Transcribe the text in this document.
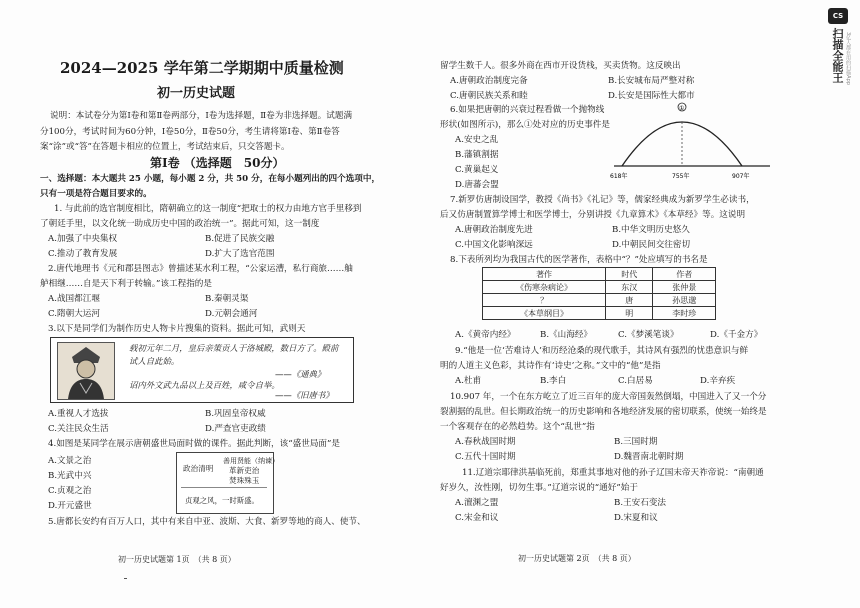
2024—2025 学年第二学期期中质量检测
初一历史试题
说明：本试卷分为第Ⅰ卷和第Ⅱ卷两部分，Ⅰ卷为选择题，Ⅱ卷为非选择题。试题满
分100分，考试时间为60分钟，Ⅰ卷50分，Ⅱ卷50分，考生请将第Ⅰ卷、第Ⅱ卷答
案“涂”或“答”在答题卡相应的位置上，考试结束后，只交答题卡。
第Ⅰ卷 （选择题　50分）
一、选择题：本大题共 25 小题，每小题 2 分，共 50 分，在每小题列出的四个选项中，
只有一项是符合题目要求的。
1. 与此前的选官制度相比，隋朝确立的这一制度“把取士的权力由地方官手里移到
了朝廷手里，以文化统一助成历史中国的政治统一”。据此可知，这一制度
A.加强了中央集权	B.促进了民族交融
C.推动了教育发展	D.扩大了选官范围
2.唐代地理书《元和郡县图志》曾描述某水利工程，“公家运漕，私行商旅……舳
舻相继……自是天下利于转输。”该工程指的是
A.战国都江堰	B.秦朝灵渠
C.隋朝大运河	D.元朝会通河
3.以下是同学们为制作历史人物卡片搜集的资料。据此可知，武则天
载初元年二月，皇后亲策贡人于洛城殿，数日方了。殿前试人自此始。
——《通典》
诏内外文武九品以上及百姓，咸令自举。
——《旧唐书》
A.重视人才选拔	B.巩固皇帝权威
C.关注民众生活	D.严查官吏政绩
4.如图是某同学在展示唐朝盛世局面时做的课件。据此判断，该“盛世局面”是
政治清明
善用贤能（纳谏）
革新吏治
焚珠殊玉
贞观之风，一时斯盛。
A.文景之治
B.光武中兴
C.贞观之治
D.开元盛世
5.唐都长安约有百万人口，其中有来自中亚、波斯、大食、新罗等地的商人、使节、
初一历史试题第 1页　（共 8 页）
留学生数千人。很多外商在西市开设货栈，买卖货物。这反映出
A.唐朝政治制度完备	B.长安城布局严整对称
C.唐朝民族关系和睦	D.长安是国际性大都市
6.如果把唐朝的兴衰过程看做一个抛物线
形状(如图所示)，那么①处对应的历史事件是
A.安史之乱
B.藩镇割据
C.黄巢起义
D.唐蕃会盟
①
618年	755年	907年
7.新罗仿唐制设国学，教授《尚书》《礼记》等，儒家经典成为新罗学生必读书，
后又仿唐制置算学博士和医学博士，分别讲授《九章算术》《本草经》等。这说明
A.唐朝政治制度先进	B.中华文明历史悠久
C.中国文化影响深远	D.中朝民间交往密切
8.下表所列均为我国古代的医学著作，表格中“？”处应填写的书名是
著作	时代	作者
《伤寒杂病论》	东汉	张仲景
？	唐	孙思邈
《本草纲目》	明	李时珍
A.《黄帝内经》	B.《山海经》	C.《梦溪笔谈》	D.《千金方》
9.“他是一位‘苦难诗人’和历经沧桑的现代歌手，其诗风有强烈的忧患意识与鲜
明的人道主义色彩，其诗作有‘诗史’之称。”文中的“他”是指
A.杜甫	B.李白	C.白居易	D.辛弃疾
10.907 年，一个在东方屹立了近三百年的庞大帝国轰然倒塌，中国进入了又一个分
裂割据的乱世。但长期政治统一的历史影响和各地经济发展的密切联系，使统一始终是
一个客观存在的必然趋势。这个“乱世”指
A.春秋战国时期	B.三国时期
C.五代十国时期	D.魏晋南北朝时期
11.辽道宗耶律洪基临死前，郑重其事地对他的孙子辽国末帝天祚帝说：“南朝通
好岁久，汝性刚，切勿生事。”辽道宗说的“通好”始于
A.澶渊之盟	B.王安石变法
C.宋金和议	D.宋夏和议
初一历史试题第 2页　（共 8 页）
CS
扫描全能王 3亿人都在用的扫描App
